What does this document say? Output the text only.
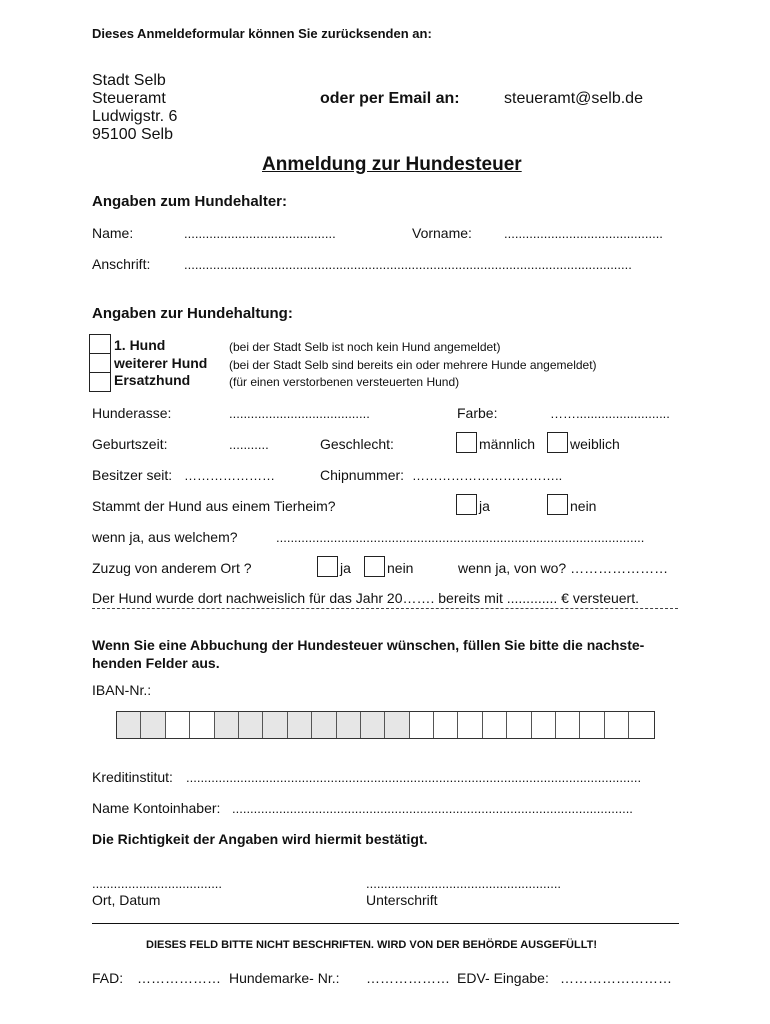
Dieses Anmeldeformular können Sie zurücksenden an:
Stadt Selb
Steueramt
Ludwigstr. 6
95100 Selb
oder per Email an:	steueramt@selb.de
Anmeldung zur Hundesteuer
Angaben zum Hundehalter:
Name:	..........................................	Vorname: ............................................
Anschrift:	............................................................................................................................
Angaben zur Hundehaltung:
1. Hund
weiterer Hund
Ersatzhund
(bei der Stadt Selb ist noch kein Hund angemeldet)
(bei der Stadt Selb sind bereits ein oder mehrere Hunde angemeldet)
(für einen verstorbenen versteuerten Hund)
Hunderasse:	.......................................	Farbe:	……..........................
Geburtszeit:	...........	Geschlecht:	männlich weiblich
Besitzer seit: …………………	Chipnummer: ……………………………..
Stammt der Hund aus einem Tierheim?	ja	nein
wenn ja, aus welchem?	......................................................................................................
Zuzug von anderem Ort ?	ja	nein	wenn ja, von wo? …………………
Der Hund wurde dort nachweislich für das Jahr 20……. bereits mit ............. € versteuert.
Wenn Sie eine Abbuchung der Hundesteuer wünschen, füllen Sie bitte die nachste-
henden Felder aus.
IBAN-Nr.:
Kreditinstitut: ..............................................................................................................................
Name Kontoinhaber: ...............................................................................................................
Die Richtigkeit der Angaben wird hiermit bestätigt.
....................................
Ort, Datum
......................................................
Unterschrift
DIESES FELD BITTE NICHT BESCHRIFTEN. WIRD VON DER BEHÖRDE AUSGEFÜLLT!
FAD: ……………… Hundemarke- Nr.: ……………… EDV- Eingabe: ……………………
